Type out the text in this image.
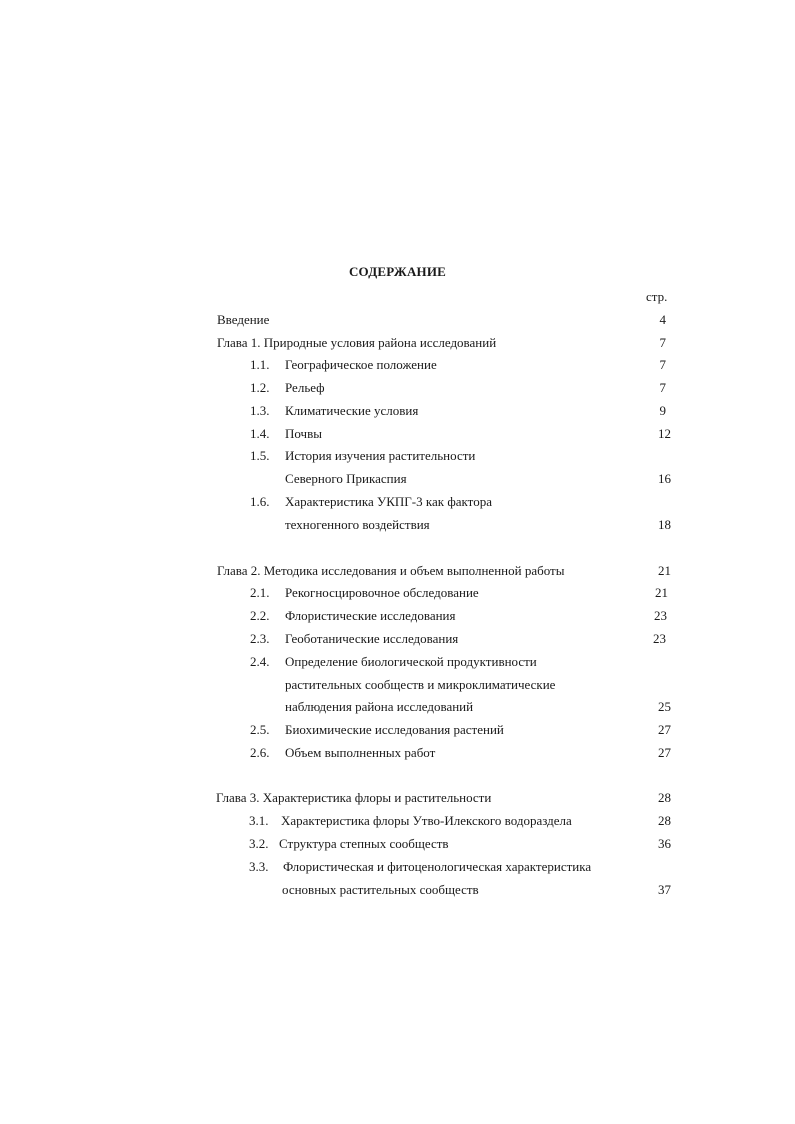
СОДЕРЖАНИЕ
стр.
Введение	4
Глава 1. Природные условия района исследований	7
1.1. Географическое положение	7
1.2. Рельеф	7
1.3. Климатические условия	9
1.4. Почвы	12
1.5. История изучения растительности
Северного Прикаспия	16
1.6. Характеристика УКПГ-3 как фактора
техногенного воздействия	18
Глава 2. Методика исследования и объем выполненной работы	21
2.1. Рекогносцировочное обследование	21
2.2. Флористические исследования	23
2.3. Геоботанические исследования	23
2.4. Определение биологической продуктивности
растительных сообществ и микроклиматические
наблюдения района исследований	25
2.5. Биохимические исследования растений	27
2.6. Объем выполненных работ	27
Глава 3. Характеристика флоры и растительности	28
3.1. Характеристика флоры Утво-Илекского водораздела	28
3.2. Структура степных сообществ	36
3.3. Флористическая и фитоценологическая характеристика
основных растительных сообществ	37
